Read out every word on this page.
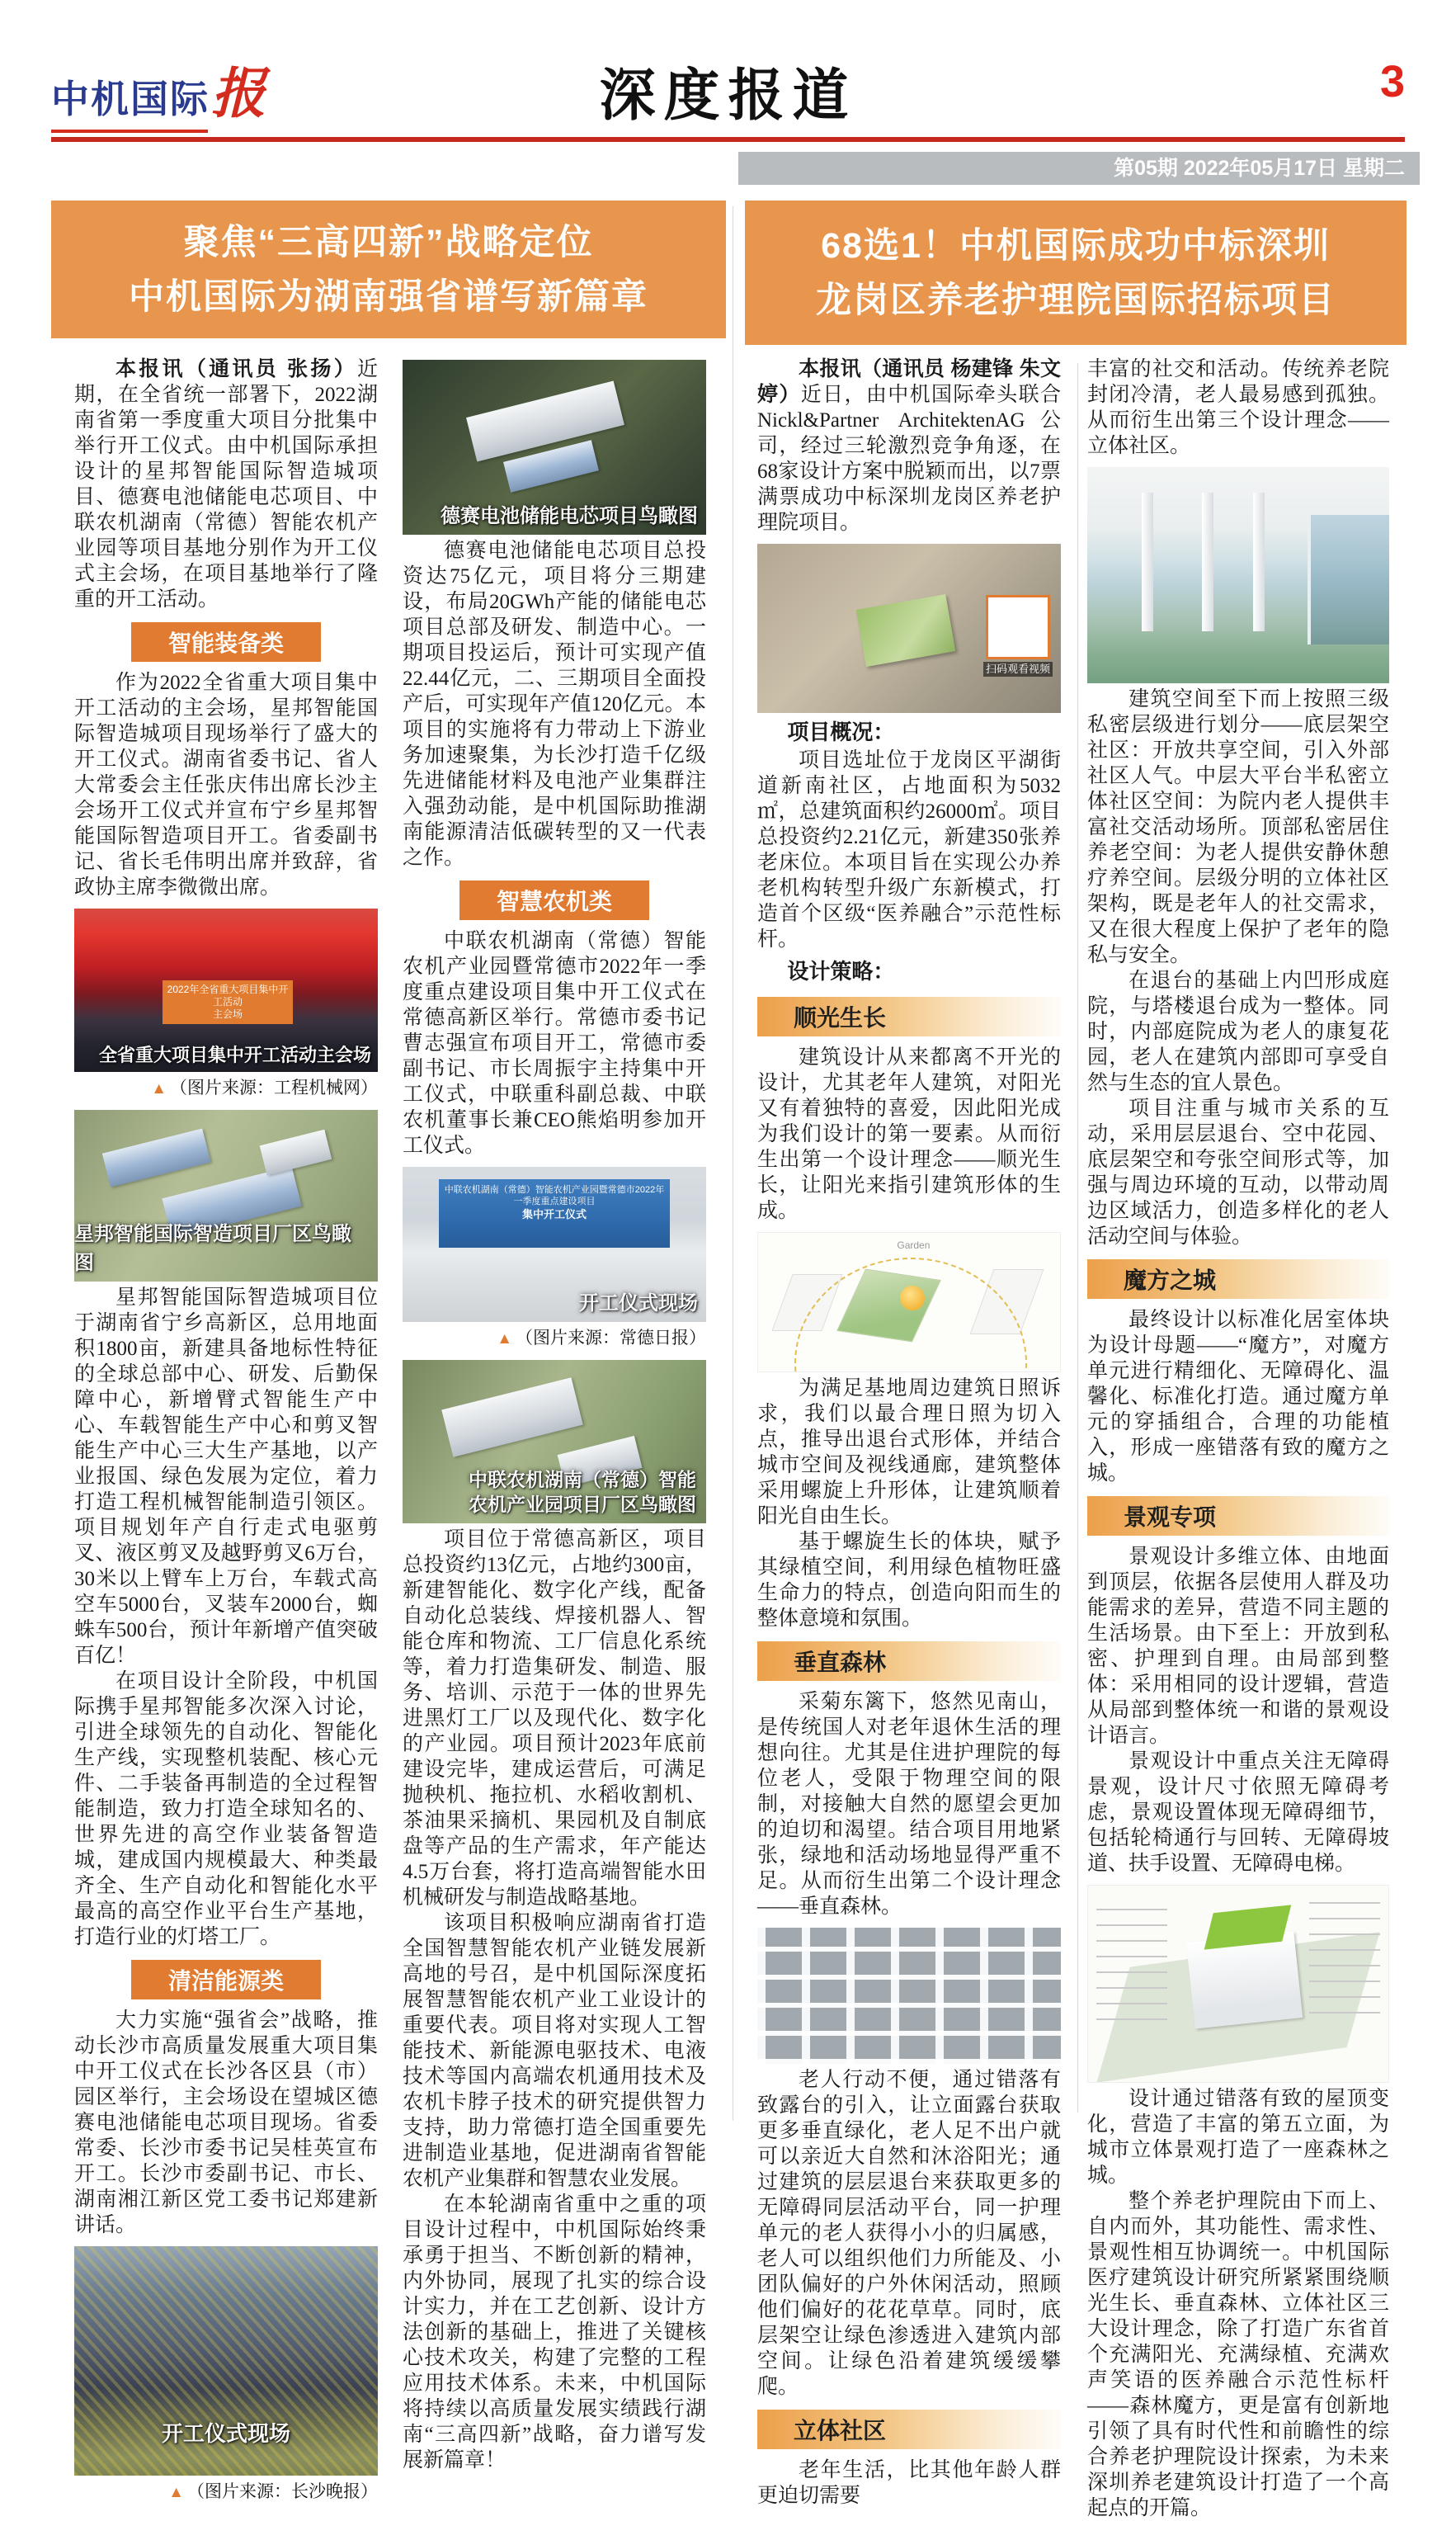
中机国际报	深度报道	3
第05期 2022年05月17日 星期二
聚焦“三高四新”战略定位
中机国际为湖南强省谱写新篇章
68选1！中机国际成功中标深圳
龙岗区养老护理院国际招标项目

本报讯（通讯员 张扬）近期，在全省统一部署下，2022湖南省第一季度重大项目分批集中举行开工仪式。由中机国际承担设计的星邦智能国际智造城项目、德赛电池储能电芯项目、中联农机湖南（常德）智能农机产业园等项目基地分别作为开工仪式主会场，在项目基地举行了隆重的开工活动。

智能装备类

作为2022全省重大项目集中开工活动的主会场，星邦智能国际智造城项目现场举行了盛大的开工仪式。湖南省委书记、省人大常委会主任张庆伟出席长沙主会场开工仪式并宣布宁乡星邦智能国际智造项目开工。省委副书记、省长毛伟明出席并致辞，省政协主席李微微出席。

2022年全省重大项目集中开工活动
主会场
全省重大项目集中开工活动主会场
▲ （图片来源：工程机械网）
星邦智能国际智造项目厂区鸟瞰图

星邦智能国际智造城项目位于湖南省宁乡高新区，总用地面积1800亩，新建具备地标性特征的全球总部中心、研发、后勤保障中心，新增臂式智能生产中心、车载智能生产中心和剪叉智能生产中心三大生产基地，以产业报国、绿色发展为定位，着力打造工程机械智能制造引领区。项目规划年产自行走式电驱剪叉、液区剪叉及越野剪叉6万台，30米以上臂车上万台，车载式高空车5000台，叉装车2000台，蜘蛛车500台，预计年新增产值突破百亿！

在项目设计全阶段，中机国际携手星邦智能多次深入讨论，引进全球领先的自动化、智能化生产线，实现整机装配、核心元件、二手装备再制造的全过程智能制造，致力打造全球知名的、世界先进的高空作业装备智造城，建成国内规模最大、种类最齐全、生产自动化和智能化水平最高的高空作业平台生产基地，打造行业的灯塔工厂。

清洁能源类

大力实施“强省会”战略，推动长沙市高质量发展重大项目集中开工仪式在长沙各区县（市）园区举行，主会场设在望城区德赛电池储能电芯项目现场。省委常委、长沙市委书记吴桂英宣布开工。长沙市委副书记、市长、湖南湘江新区党工委书记郑建新讲话。

开工仪式现场
▲ （图片来源：长沙晚报）
德赛电池储能电芯项目鸟瞰图

德赛电池储能电芯项目总投资达75亿元，项目将分三期建设，布局20GWh产能的储能电芯项目总部及研发、制造中心。一期项目投运后，预计可实现产值22.44亿元，二、三期项目全面投产后，可实现年产值120亿元。本项目的实施将有力带动上下游业务加速聚集，为长沙打造千亿级先进储能材料及电池产业集群注入强劲动能，是中机国际助推湖南能源清洁低碳转型的又一代表之作。

智慧农机类

中联农机湖南（常德）智能农机产业园暨常德市2022年一季度重点建设项目集中开工仪式在常德高新区举行。常德市委书记曹志强宣布项目开工，常德市委副书记、市长周振宇主持集中开工仪式，中联重科副总裁、中联农机董事长兼CEO熊焰明参加开工仪式。

中联农机湖南（常德）智能农机产业园暨常德市2022年一季度重点建设项目
集中开工仪式
开工仪式现场
▲ （图片来源：常德日报）
中联农机湖南（常德）智能
农机产业园项目厂区鸟瞰图

项目位于常德高新区，项目总投资约13亿元，占地约300亩，新建智能化、数字化产线，配备自动化总装线、焊接机器人、智能仓库和物流、工厂信息化系统等，着力打造集研发、制造、服务、培训、示范于一体的世界先进黑灯工厂以及现代化、数字化的产业园。项目预计2023年底前建设完毕，建成运营后，可满足抛秧机、拖拉机、水稻收割机、茶油果采摘机、果园机及自制底盘等产品的生产需求，年产能达4.5万台套，将打造高端智能水田机械研发与制造战略基地。

该项目积极响应湖南省打造全国智慧智能农机产业链发展新高地的号召，是中机国际深度拓展智慧智能农机产业工业设计的重要代表。项目将对实现人工智能技术、新能源电驱技术、电液技术等国内高端农机通用技术及农机卡脖子技术的研究提供智力支持，助力常德打造全国重要先进制造业基地，促进湖南省智能农机产业集群和智慧农业发展。

在本轮湖南省重中之重的项目设计过程中，中机国际始终秉承勇于担当、不断创新的精神，内外协同，展现了扎实的综合设计实力，并在工艺创新、设计方法创新的基础上，推进了关键核心技术攻关，构建了完整的工程应用技术体系。未来，中机国际将持续以高质量发展实绩践行湖南“三高四新”战略，奋力谱写发展新篇章！

本报讯（通讯员 杨建锋 朱文婷）近日，由中机国际牵头联合Nickl&Partner ArchitektenAG公司，经过三轮激烈竞争角逐，在68家设计方案中脱颖而出，以7票满票成功中标深圳龙岗区养老护理院项目。

扫码观看视频

项目概况：

项目选址位于龙岗区平湖街道新南社区，占地面积为5032㎡，总建筑面积约26000㎡。项目总投资约2.21亿元，新建350张养老床位。本项目旨在实现公办养老机构转型升级广东新模式，打造首个区级“医养融合”示范性标杆。

设计策略：

顺光生长

建筑设计从来都离不开光的设计，尤其老年人建筑，对阳光又有着独特的喜爱，因此阳光成为我们设计的第一要素。从而衍生出第一个设计理念——顺光生长，让阳光来指引建筑形体的生成。

Garden

为满足基地周边建筑日照诉求，我们以最合理日照为切入点，推导出退台式形体，并结合城市空间及视线通廊，建筑整体采用螺旋上升形体，让建筑顺着阳光自由生长。

基于螺旋生长的体块，赋予其绿植空间，利用绿色植物旺盛生命力的特点，创造向阳而生的整体意境和氛围。

垂直森林

采菊东篱下，悠然见南山，是传统国人对老年退休生活的理想向往。尤其是住进护理院的每位老人，受限于物理空间的限制，对接触大自然的愿望会更加的迫切和渴望。结合项目用地紧张，绿地和活动场地显得严重不足。从而衍生出第二个设计理念——垂直森林。

老人行动不便，通过错落有致露台的引入，让立面露台获取更多垂直绿化，老人足不出户就可以亲近大自然和沐浴阳光；通过建筑的层层退台来获取更多的无障碍同层活动平台，同一护理单元的老人获得小小的归属感，老人可以组织他们力所能及、小团队偏好的户外休闲活动，照顾他们偏好的花花草草。同时，底层架空让绿色渗透进入建筑内部空间。让绿色沿着建筑缓缓攀爬。

立体社区

老年生活，比其他年龄人群更迫切需要

丰富的社交和活动。传统养老院封闭冷清，老人最易感到孤独。从而衍生出第三个设计理念——立体社区。

建筑空间至下而上按照三级私密层级进行划分——底层架空社区：开放共享空间，引入外部社区人气。中层大平台半私密立体社区空间：为院内老人提供丰富社交活动场所。顶部私密居住养老空间：为老人提供安静休憩疗养空间。层级分明的立体社区架构，既是老年人的社交需求，又在很大程度上保护了老年的隐私与安全。

在退台的基础上内凹形成庭院，与塔楼退台成为一整体。同时，内部庭院成为老人的康复花园，老人在建筑内部即可享受自然与生态的宜人景色。

项目注重与城市关系的互动，采用层层退台、空中花园、底层架空和夸张空间形式等，加强与周边环境的互动，以带动周边区域活力，创造多样化的老人活动空间与体验。

魔方之城

最终设计以标准化居室体块为设计母题——“魔方”，对魔方单元进行精细化、无障碍化、温馨化、标准化打造。通过魔方单元的穿插组合，合理的功能植入，形成一座错落有致的魔方之城。

景观专项

景观设计多维立体、由地面到顶层，依据各层使用人群及功能需求的差异，营造不同主题的生活场景。由下至上：开放到私密、护理到自理。由局部到整体：采用相同的设计逻辑，营造从局部到整体统一和谐的景观设计语言。

景观设计中重点关注无障碍景观，设计尺寸依照无障碍考虑，景观设置体现无障碍细节，包括轮椅通行与回转、无障碍坡道、扶手设置、无障碍电梯。

设计通过错落有致的屋顶变化，营造了丰富的第五立面，为城市立体景观打造了一座森林之城。

整个养老护理院由下而上、自内而外，其功能性、需求性、景观性相互协调统一。中机国际医疗建筑设计研究所紧紧围绕顺光生长、垂直森林、立体社区三大设计理念，除了打造广东省首个充满阳光、充满绿植、充满欢声笑语的医养融合示范性标杆——森林魔方，更是富有创新地引领了具有时代性和前瞻性的综合养老护理院设计探索，为未来深圳养老建筑设计打造了一个高起点的开篇。
